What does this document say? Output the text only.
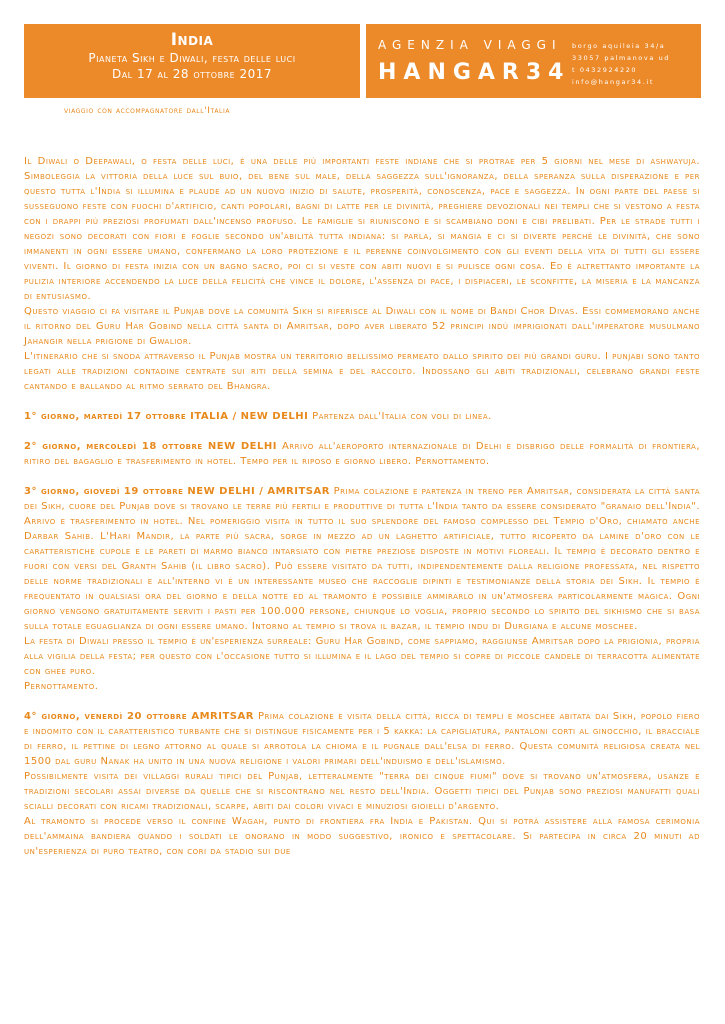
India
Pianeta Sikh e Diwali, festa delle luci
Dal 17 al 28 ottobre 2017
AGENZIA VIAGGI
HANGAR34
borgo aquileia 34/a
33057 palmanova ud
t 0432924220
info@hangar34.it
viaggio con accompagnatore dall'Italia
Il Diwali o Deepawali, o festa delle luci, è una delle più importanti feste indiane che si protrae per 5 giorni nel mese di ashwayuja. Simboleggia la vittoria della luce sul buio, del bene sul male, della saggezza sull'ignoranza, della speranza sulla disperazione e per questo tutta l'India si illumina e plaude ad un nuovo inizio di salute, prosperità, conoscenza, pace e saggezza. In ogni parte del paese si susseguono feste con fuochi d'artificio, canti popolari, bagni di latte per le divinità, preghiere devozionali nei templi che si vestono a festa con i drappi più preziosi profumati dall'incenso profuso. Le famiglie si riuniscono e si scambiano doni e cibi prelibati. Per le strade tutti i negozi sono decorati con fiori e foglie secondo un'abilità tutta indiana: si parla, si mangia e ci si diverte perché le divinità, che sono immanenti in ogni essere umano, confermano la loro protezione e il perenne coinvolgimento con gli eventi della vita di tutti gli essere viventi. Il giorno di festa inizia con un bagno sacro, poi ci si veste con abiti nuovi e si pulisce ogni cosa. Ed è altrettanto importante la pulizia interiore accendendo la luce della felicità che vince il dolore, l'assenza di pace, i dispiaceri, le sconfitte, la miseria e la mancanza di entusiasmo.
Questo viaggio ci fa visitare il Punjab dove la comunità Sikh si riferisce al Diwali con il nome di Bandi Chor Divas. Essi commemorano anche il ritorno del Guru Har Gobind nella città santa di Amritsar, dopo aver liberato 52 principi indù imprigionati dall'imperatore musulmano Jahangir nella prigione di Gwalior.

L'itinerario che si snoda attraverso il Punjab mostra un territorio bellissimo permeato dallo spirito dei più grandi guru. I punjabi sono tanto legati alle tradizioni contadine centrate sui riti della semina e del raccolto. Indossano gli abiti tradizionali, celebrano grandi feste cantando e ballando al ritmo serrato del Bhangra.

1° giorno, martedì 17 ottobre ITALIA / NEW DELHI Partenza dall'Italia con voli di linea.

2° giorno, mercoledì 18 ottobre NEW DELHI Arrivo all'aeroporto internazionale di Delhi e disbrigo delle formalità di frontiera, ritiro del bagaglio e trasferimento in hotel. Tempo per il riposo e giorno libero. Pernottamento.

3° giorno, giovedì 19 ottobre NEW DELHI / AMRITSAR Prima colazione e partenza in treno per Amritsar, considerata la città santa dei Sikh, cuore del Punjab dove si trovano le terre più fertili e produttive di tutta l'India tanto da essere considerato "granaio dell'India". Arrivo e trasferimento in hotel. Nel pomeriggio visita in tutto il suo splendore del famoso complesso del Tempio d'Oro, chiamato anche Darbar Sahib. L'Hari Mandir, la parte più sacra, sorge in mezzo ad un laghetto artificiale, tutto ricoperto da lamine d'oro con le caratteristiche cupole e le pareti di marmo bianco intarsiato con pietre preziose disposte in motivi floreali. Il tempio è decorato dentro e fuori con versi del Granth Sahib (il libro sacro). Può essere visitato da tutti, indipendentemente dalla religione professata, nel rispetto delle norme tradizionali e all'interno vi è un interessante museo che raccoglie dipinti e testimonianze della storia dei Sikh. Il tempio è frequentato in qualsiasi ora del giorno e della notte ed al tramonto è possibile ammirarlo in un'atmosfera particolarmente magica. Ogni giorno vengono gratuitamente serviti i pasti per 100.000 persone, chiunque lo voglia, proprio secondo lo spirito del sikhismo che si basa sulla totale eguaglianza di ogni essere umano. Intorno al tempio si trova il bazar, il tempio indu di Durgiana e alcune moschee.
La festa di Diwali presso il tempio è un'esperienza surreale: Guru Har Gobind, come sappiamo, raggiunse Amritsar dopo la prigionia, propria alla vigilia della festa; per questo con l'occasione tutto si illumina e il lago del tempio si copre di piccole candele di terracotta alimentate con ghee puro.

Pernottamento.

4° giorno, venerdì 20 ottobre AMRITSAR Prima colazione e visita della città, ricca di templi e moschee abitata dai Sikh, popolo fiero e indomito con il caratteristico turbante che si distingue fisicamente per i 5 kakka: la capigliatura, pantaloni corti al ginocchio, il bracciale di ferro, il pettine di legno attorno al quale si arrotola la chioma e il pugnale dall'elsa di ferro. Questa comunità religiosa creata nel 1500 dal guru Nanak ha unito in una nuova religione i valori primari dell'induismo e dell'islamismo.
Possibilmente visita dei villaggi rurali tipici del Punjab, letteralmente "terra dei cinque fiumi" dove si trovano un'atmosfera, usanze e tradizioni secolari assai diverse da quelle che si riscontrano nel resto dell'India. Oggetti tipici del Punjab sono preziosi manufatti quali scialli decorati con ricami tradizionali, scarpe, abiti dai colori vivaci e minuziosi gioielli d'argento.
Al tramonto si procede verso il confine Wagah, punto di frontiera fra India e Pakistan. Qui si potrà assistere alla famosa cerimonia dell'ammaina bandiera quando i soldati le onorano in modo suggestivo, ironico e spettacolare. Si partecipa in circa 20 minuti ad un'esperienza di puro teatro, con cori da stadio sui due
